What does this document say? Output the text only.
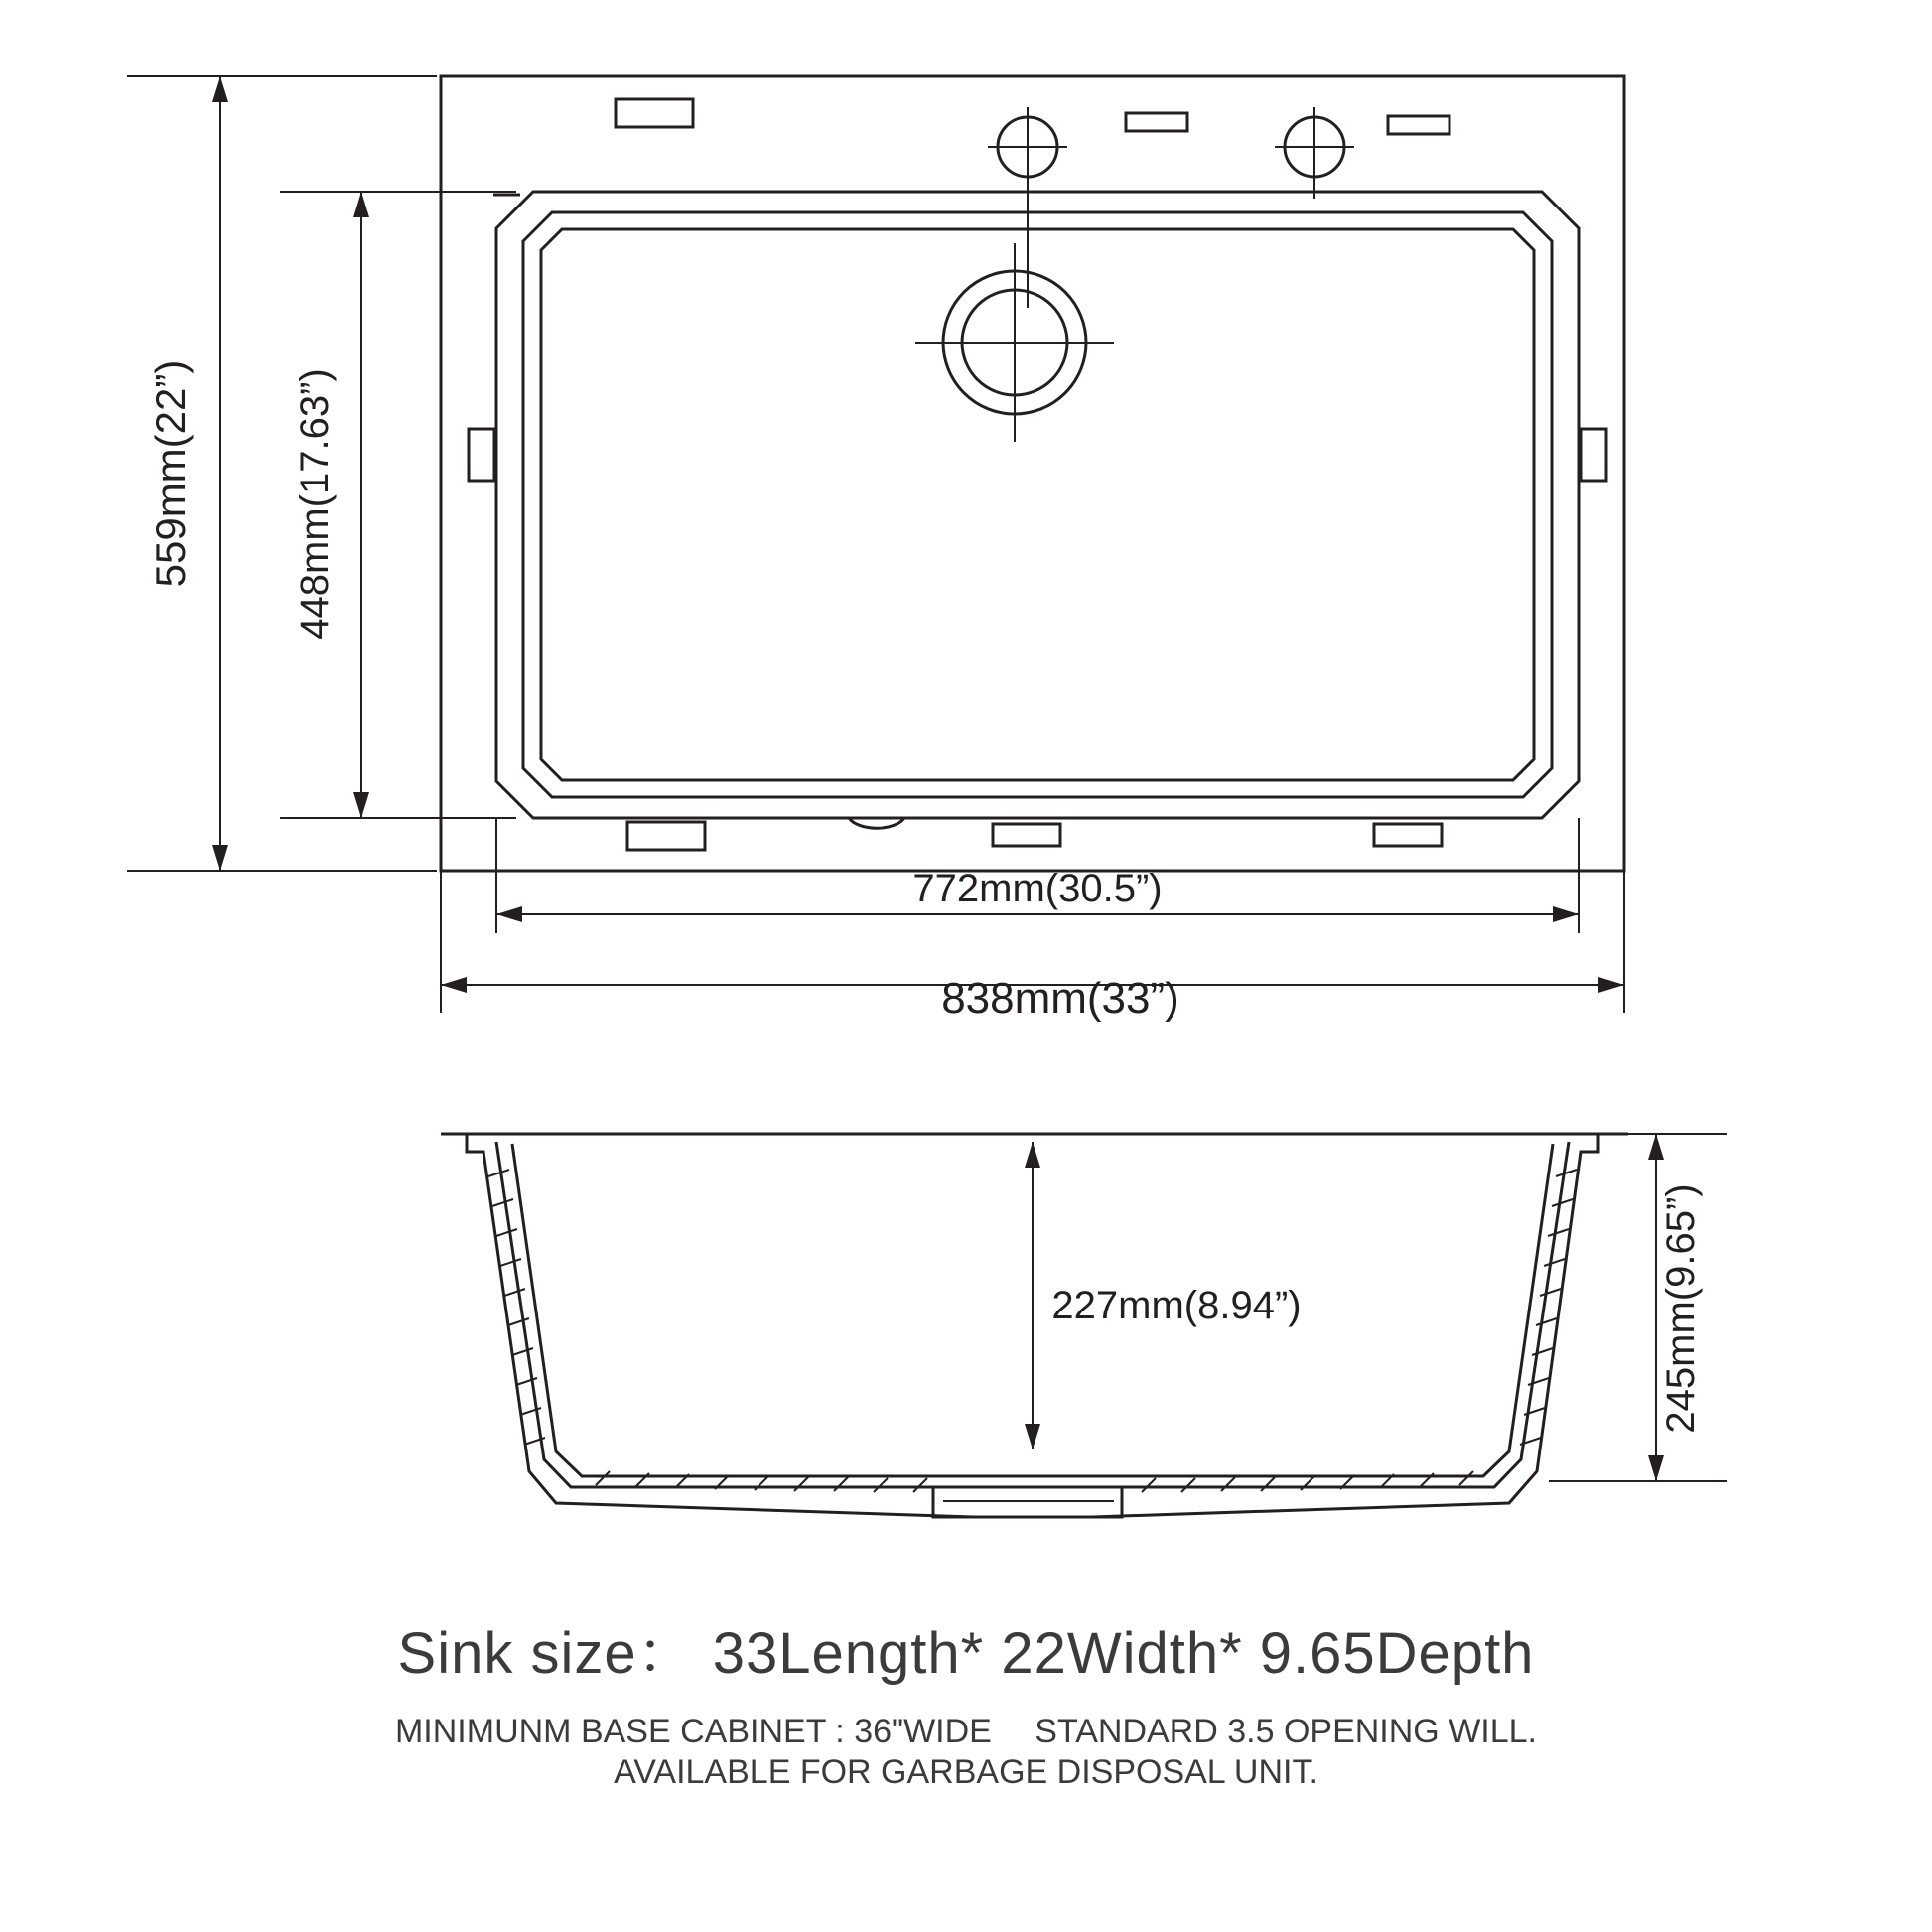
559mm(22”)	448mm(17.63”)
772mm(30.5”)
838mm(33”)
227mm(8.94”)	245mm(9.65”)
Sink size： 33Length* 22Width* 9.65Depth
MINIMUNM BASE CABINET : 36"WIDE　 STANDARD 3.5 OPENING WILL.
AVAILABLE FOR GARBAGE DISPOSAL UNIT.
